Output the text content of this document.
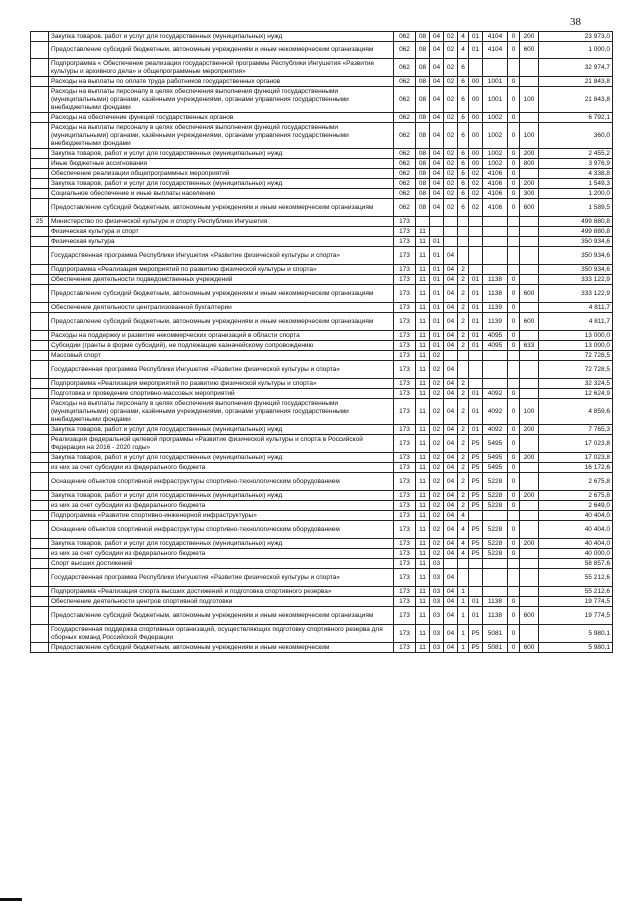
38
	Закупка товаров, работ и услуг для государственных (муниципальных) нужд	062	08	04	02	4	01	4104	0	200	23 973,0
	Предоставление субсидий бюджетным, автономным учреждениям и иным некоммерческим организациям	062	08	04	02	4	01	4104	0	600	1 000,0
	Подпрограмма « Обеспечение реализации государственной программы Республики Ингушетия «Развитие культуры и архивного дела» и общепрограммные мероприятия»	062	08	04	02	6					32 974,7
	Расходы на выплаты по оплате труда работников государственных органов	062	08	04	02	6	00	1001	0		21 843,8
	Расходы на выплаты персоналу в целях обеспечения выполнения функций государственными (муниципальными) органами, казёнными учреждениями, органами управления государственными внебюджетными фондами	062	08	04	02	6	00	1001	0	100	21 843,8
	Расходы на обеспечение функций государственных органов	062	08	04	02	6	00	1002	0		6 792,1
	Расходы на выплаты персоналу в целях обеспечения выполнения функций государственными (муниципальными) органами, казёнными учреждениями, органами управления государственными внебюджетными фондами	062	08	04	02	6	00	1002	0	100	360,0
	Закупка товаров, работ и услуг для государственных (муниципальных) нужд	062	08	04	02	6	00	1002	0	200	2 455,2
	Иные бюджетные ассигнования	062	08	04	02	6	00	1002	0	800	3 976,9
	Обеспечение реализации общепрограммных мероприятий	062	08	04	02	6	02	4106	0		4 338,8
	Закупка товаров, работ и услуг для государственных (муниципальных) нужд	062	08	04	02	6	02	4106	0	200	1 549,3
	Социальное обеспечение и иные выплаты населению	062	08	04	02	6	02	4106	0	300	1 200,0
	Предоставление субсидий бюджетным, автономным учреждениям и иным некоммерческим организациям	062	08	04	02	6	02	4106	0	600	1 589,5
25	Министерство по физической культуре и спорту Республики Ингушетия	173									499 880,8
	Физическая культура и спорт	173	11								499 880,8
	Физическая культура	173	11	01							350 934,6
	Государственная программа Республики Ингушетия «Развитие физической культуры и спорта»	173	11	01	04						350 934,6
	Подпрограмма «Реализация мероприятий по развитию физической культуры и спорта»	173	11	01	04	2					350 934,6
	Обеспечение деятельности подведомственных учреждений	173	11	01	04	2	01	1138	0		333 122,9
	Предоставление субсидий бюджетным, автономным учреждениям и иным некоммерческим организациям	173	11	01	04	2	01	1138	0	600	333 122,9
	Обеспечение деятельности централизованной бухгалтерии	173	11	01	04	2	01	1139	0		4 811,7
	Предоставление субсидий бюджетным, автономным учреждениям и иным некоммерческим организациям	173	11	01	04	2	01	1139	0	600	4 811,7
	Расходы на поддержку и развитие некоммерческих организаций в области спорта	173	11	01	04	2	01	4095	0		13 000,0
	Субсидии (гранты в форме субсидий), не подлежащие казначейскому сопровождению	173	11	01	04	2	01	4095	0	633	13 000,0
	Массовый спорт	173	11	02							72 728,5
	Государственная программа Республики Ингушетия «Развитие физической культуры и спорта»	173	11	02	04						72 728,5
	Подпрограмма «Реализация мероприятий по развитию физической культуры и спорта»	173	11	02	04	2					32 324,5
	Подготовка и проведение спортивно-массовых мероприятий	173	11	02	04	2	01	4092	0		12 624,9
	Расходы на выплаты персоналу в целях обеспечения выполнения функций государственными (муниципальными) органами, казёнными учреждениями, органами управления государственными внебюджетными фондами	173	11	02	04	2	01	4092	0	100	4 859,6
	Закупка товаров, работ и услуг для государственных (муниципальных) нужд	173	11	02	04	2	01	4092	0	200	7 765,3
	Реализация федеральной целевой программы «Развитие физической культуры и спорта в Российской Федерации на 2016 - 2020 годы»	173	11	02	04	2	P5	5495	0		17 023,8
	Закупка товаров, работ и услуг для государственных (муниципальных) нужд	173	11	02	04	2	P5	5495	0	200	17 023,8
	из них за счет субсидии из федерального бюджета	173	11	02	04	2	P5	5495	0		16 172,6
	Оснащение объектов спортивной инфраструктуры спортивно-технологическим оборудованием	173	11	02	04	2	P5	5228	0		2 675,8
	Закупка товаров, работ и услуг для государственных (муниципальных) нужд	173	11	02	04	2	P5	5228	0	200	2 675,8
	из них за счет субсидии из федерального бюджета	173	11	02	04	2	P5	5228	0		2 649,0
	Подпрограмма «Развитие спортивно-инженерной инфраструктуры»	173	11	02	04	4					40 404,0
	Оснащение объектов спортивной инфраструктуры спортивно-технологическим оборудованием	173	11	02	04	4	P5	5228	0		40 404,0
	Закупка товаров, работ и услуг для государственных (муниципальных) нужд	173	11	02	04	4	P5	5228	0	200	40 404,0
	из них за счет субсидии из федерального бюджета	173	11	02	04	4	P5	5228	0		40 000,0
	Спорт высших достижений	173	11	03							58 857,6
	Государственная программа Республики Ингушетия «Развитие физической культуры и спорта»	173	11	03	04						55 212,6
	Подпрограмма «Реализация спорта высших достижений и подготовка спортивного резерва»	173	11	03	04	1					55 212,6
	Обеспечение деятельности центров спортивной подготовки	173	11	03	04	1	01	1138	0		19 774,5
	Предоставление субсидий бюджетным, автономным учреждениям и иным некоммерческим организациям	173	11	03	04	1	01	1138	0	600	19 774,5
	Государственная поддержка спортивных организаций, осуществляющих подготовку спортивного резерва для сборных команд Российской Федерации	173	11	03	04	1	P5	5081	0		5 980,1
	Предоставление субсидий бюджетным, автономным учреждениям и иным некоммерческим	173	11	03	04	1	P5	5081	0	600	5 980,1
